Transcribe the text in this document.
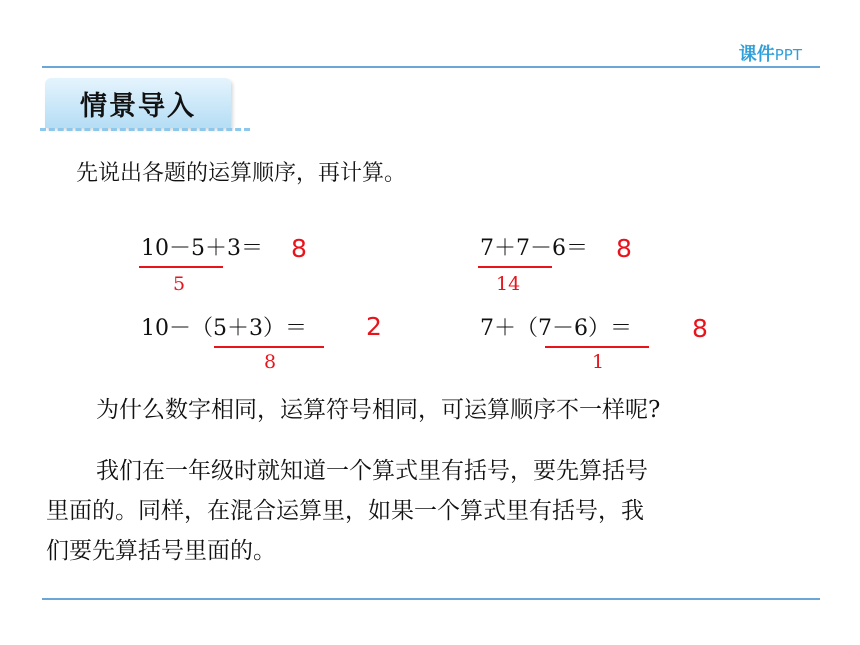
课件PPT
情景导入
先说出各题的运算顺序，再计算。
10－5＋3＝ 8
5
7＋7－6＝ 8
14
10－（5＋3）＝ 2
8
7＋（7－6）＝ 8
1
为什么数字相同，运算符号相同，可运算顺序不一样呢?
我们在一年级时就知道一个算式里有括号，要先算括号
里面的。同样，在混合运算里，如果一个算式里有括号，我
们要先算括号里面的。
